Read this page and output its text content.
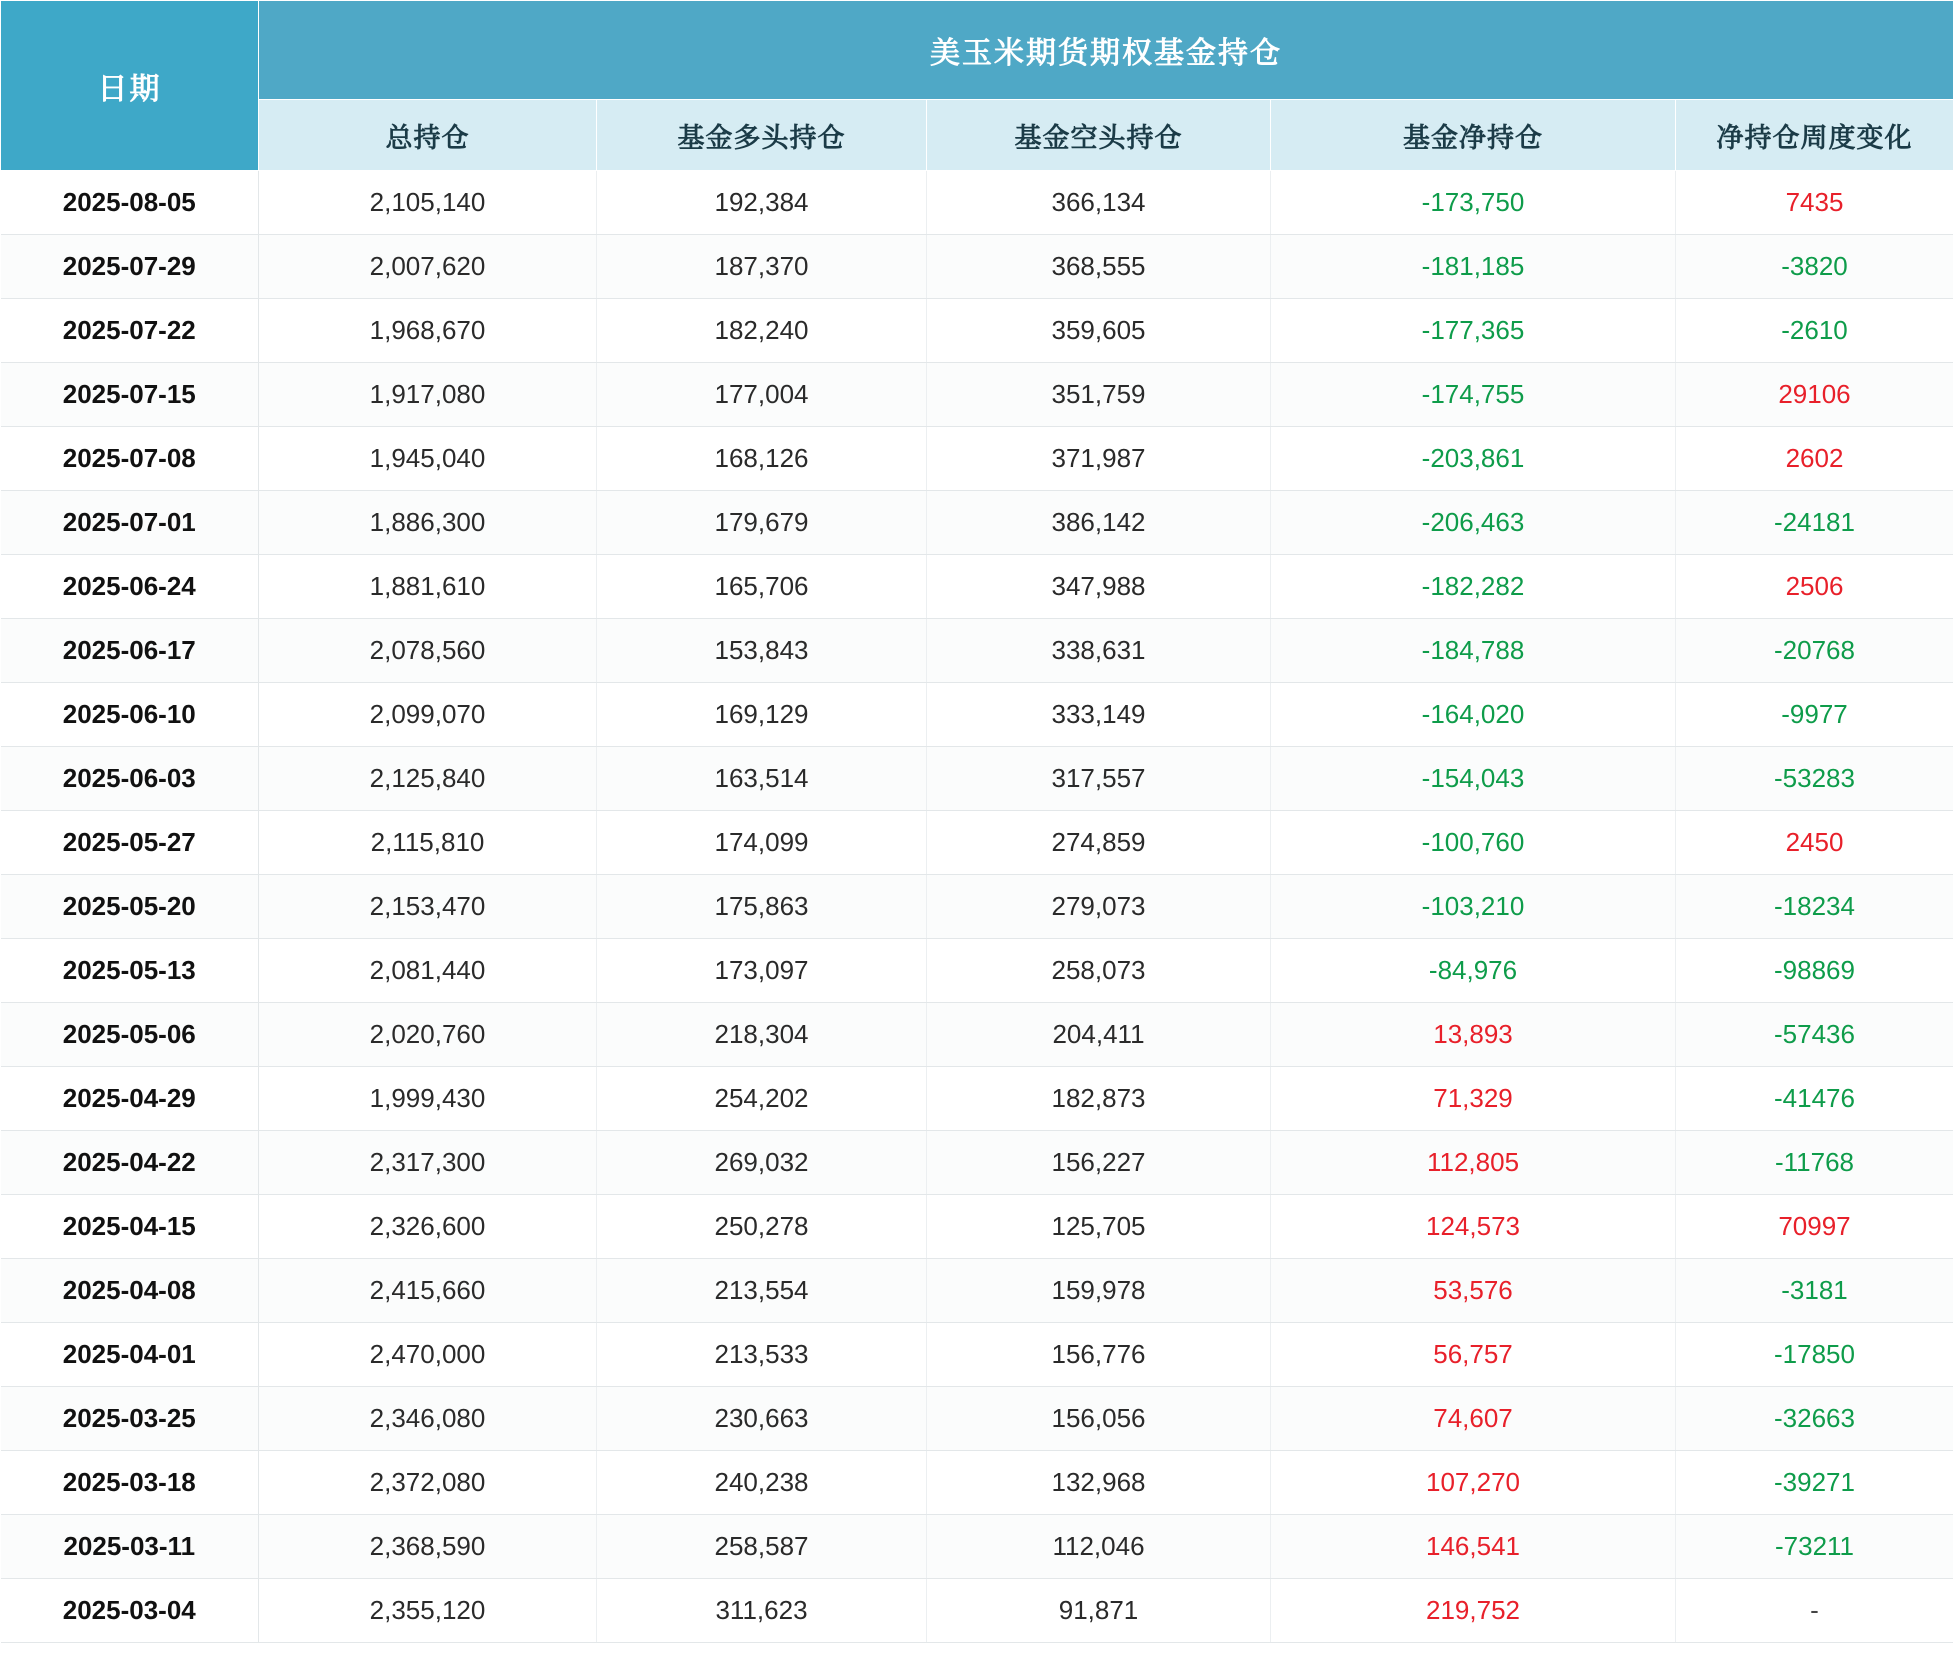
日期	美玉米期货期权基金持仓				
	总持仓	基金多头持仓	基金空头持仓	基金净持仓	净持仓周度变化
2025-08-05	2,105,140	192,384	366,134	-173,750	7435
2025-07-29	2,007,620	187,370	368,555	-181,185	-3820
2025-07-22	1,968,670	182,240	359,605	-177,365	-2610
2025-07-15	1,917,080	177,004	351,759	-174,755	29106
2025-07-08	1,945,040	168,126	371,987	-203,861	2602
2025-07-01	1,886,300	179,679	386,142	-206,463	-24181
2025-06-24	1,881,610	165,706	347,988	-182,282	2506
2025-06-17	2,078,560	153,843	338,631	-184,788	-20768
2025-06-10	2,099,070	169,129	333,149	-164,020	-9977
2025-06-03	2,125,840	163,514	317,557	-154,043	-53283
2025-05-27	2,115,810	174,099	274,859	-100,760	2450
2025-05-20	2,153,470	175,863	279,073	-103,210	-18234
2025-05-13	2,081,440	173,097	258,073	-84,976	-98869
2025-05-06	2,020,760	218,304	204,411	13,893	-57436
2025-04-29	1,999,430	254,202	182,873	71,329	-41476
2025-04-22	2,317,300	269,032	156,227	112,805	-11768
2025-04-15	2,326,600	250,278	125,705	124,573	70997
2025-04-08	2,415,660	213,554	159,978	53,576	-3181
2025-04-01	2,470,000	213,533	156,776	56,757	-17850
2025-03-25	2,346,080	230,663	156,056	74,607	-32663
2025-03-18	2,372,080	240,238	132,968	107,270	-39271
2025-03-11	2,368,590	258,587	112,046	146,541	-73211
2025-03-04	2,355,120	311,623	91,871	219,752	-
